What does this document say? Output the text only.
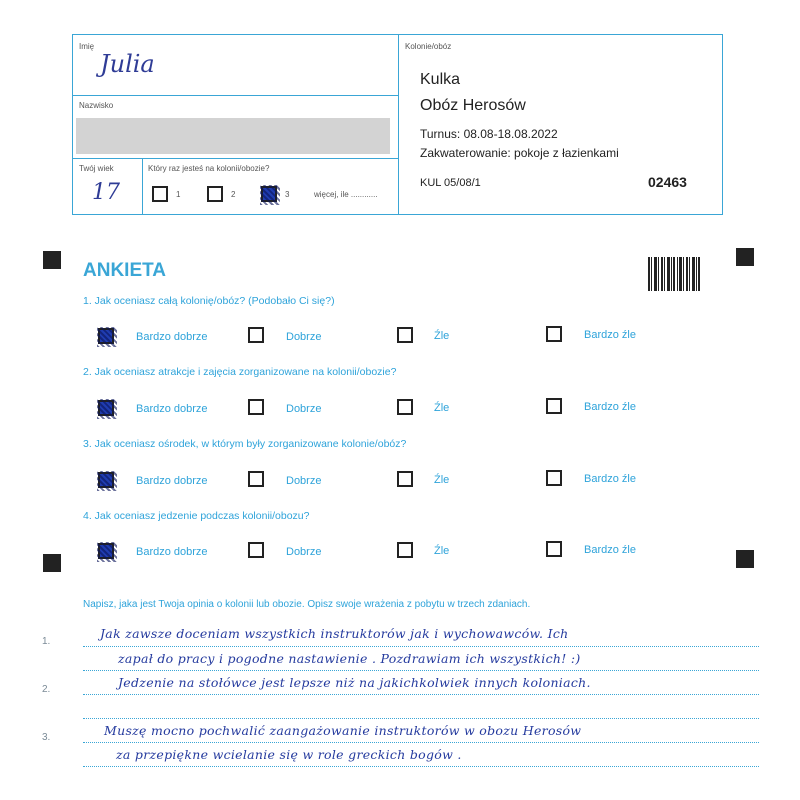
Imię
Julia
Nazwisko
Twój wiek
17
Który raz jesteś na kolonii/obozie?
1	2	3	więcej, ile ............
Kolonie/obóz
Kulka
Obóz Herosów
Turnus: 08.08-18.08.2022
Zakwaterowanie: pokoje z łazienkami
KUL 05/08/1	02463
ANKIETA
1. Jak oceniasz całą kolonię/obóz? (Podobało Ci się?)
Bardzo dobrze	Dobrze	Źle	Bardzo źle
2. Jak oceniasz atrakcje i zajęcia zorganizowane na kolonii/obozie?
Bardzo dobrze	Dobrze	Źle	Bardzo źle
3. Jak oceniasz ośrodek, w którym były zorganizowane kolonie/obóz?
Bardzo dobrze	Dobrze	Źle	Bardzo źle
4. Jak oceniasz jedzenie podczas kolonii/obozu?
Bardzo dobrze	Dobrze	Źle	Bardzo źle
Napisz, jaka jest Twoja opinia o kolonii lub obozie. Opisz swoje wrażenia z pobytu w trzech zdaniach.
1.
2.
3.
Jak zawsze doceniam wszystkich instruktorów jak i wychowawców. Ich
zapał do pracy i pogodne nastawienie . Pozdrawiam ich wszystkich! :)
Jedzenie na stołówce jest lepsze niż na jakichkolwiek innych koloniach.
Muszę mocno pochwalić zaangażowanie instruktorów w obozu Herosów
za przepiękne wcielanie się w role greckich bogów .
